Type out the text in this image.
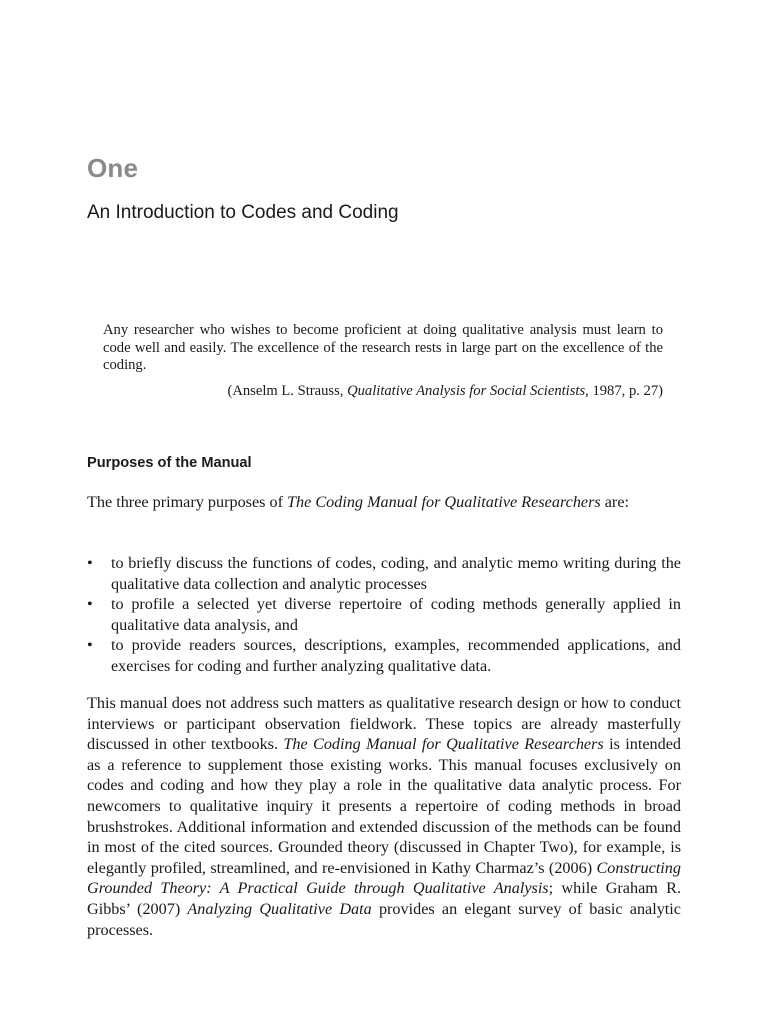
One
An Introduction to Codes and Coding

Any researcher who wishes to become proficient at doing qualitative analysis must learn to code well and easily. The excellence of the research rests in large part on the excellence of the coding.

(Anselm L. Strauss, Qualitative Analysis for Social Scientists, 1987, p. 27)

Purposes of the Manual

The three primary purposes of The Coding Manual for Qualitative Researchers are:

• to briefly discuss the functions of codes, coding, and analytic memo writing during the qualitative data collection and analytic processes
• to profile a selected yet diverse repertoire of coding methods generally applied in qualitative data analysis, and
• to provide readers sources, descriptions, examples, recommended applications, and exercises for coding and further analyzing qualitative data.

This manual does not address such matters as qualitative research design or how to conduct interviews or participant observation fieldwork. These topics are already masterfully discussed in other textbooks. The Coding Manual for Qualitative Researchers is intended as a reference to supplement those existing works. This manual focuses exclusively on codes and coding and how they play a role in the qualitative data analytic process. For newcomers to qualitative inquiry it presents a repertoire of coding methods in broad brushstrokes. Additional information and extended discussion of the methods can be found in most of the cited sources. Grounded theory (discussed in Chapter Two), for example, is elegantly profiled, streamlined, and re-envisioned in Kathy Charmaz’s (2006) Constructing Grounded Theory: A Practical Guide through Qualitative Analysis; while Graham R. Gibbs’ (2007) Analyzing Qualitative Data provides an elegant survey of basic analytic processes.
